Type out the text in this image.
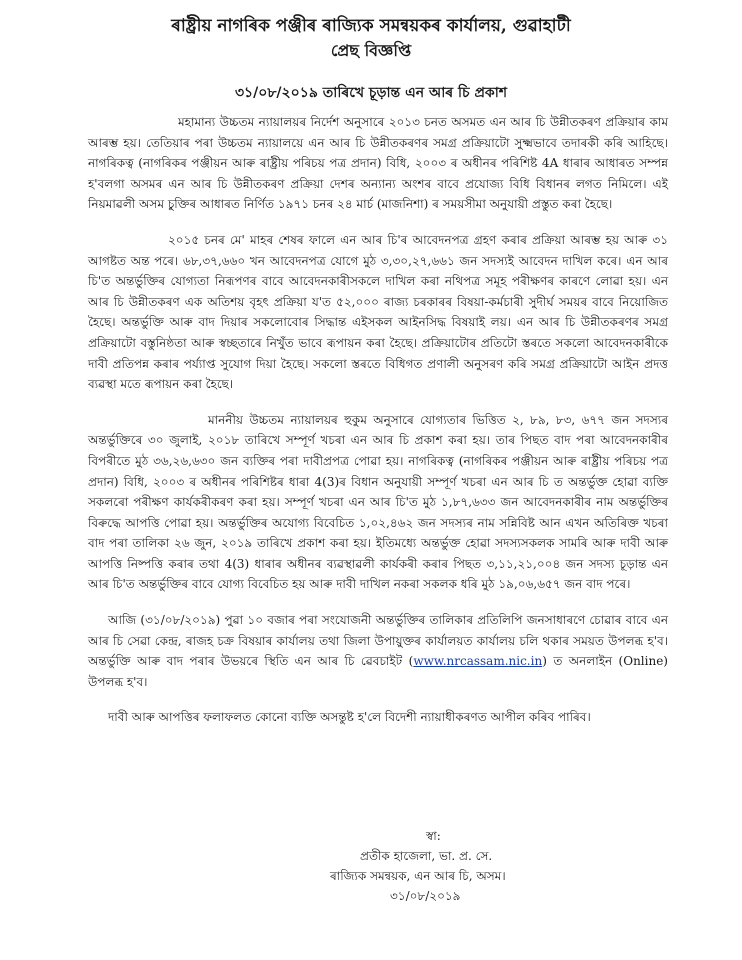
ৰাষ্ট্ৰীয় নাগৰিক পঞ্জীৰ ৰাজ্যিক সমন্বয়কৰ কাৰ্যালয়, গুৱাহাটী

প্ৰেছ বিজ্ঞপ্তি

৩১/০৮/২০১৯ তাৰিখে চূড়ান্ত এন আৰ চি প্ৰকাশ

মহামান্য উচ্চতম ন্যায়ালয়ৰ নিৰ্দেশ অনুসাৰে ২০১৩ চনত অসমত এন আৰ চি উন্নীতকৰণ প্ৰক্ৰিয়াৰ কাম আৰম্ভ হয়। তেতিয়াৰ পৰা উচ্চতম ন্যায়ালয়ে এন আৰ চি উন্নীতকৰণৰ সমগ্ৰ প্ৰক্ৰিয়াটো সুক্ষ্মভাবে তদাৰকী কৰি আহিছে। নাগৰিকত্ব (নাগৰিকৰ পঞ্জীয়ন আৰু ৰাষ্ট্ৰীয় পৰিচয় পত্ৰ প্ৰদান) বিধি, ২০০৩ ৰ অধীনৰ পৰিশিষ্ট 4A ধাৰাৰ আধাৰত সম্পন্ন হ'বলগা অসমৰ এন আৰ চি উন্নীতকৰণ প্ৰক্ৰিয়া দেশৰ অন্যান্য অংশৰ বাবে প্ৰযোজ্য বিধি বিধানৰ লগত নিমিলে। এই নিয়মাৱলী অসম চুক্তিৰ আধাৰত নিৰ্ণিত ১৯৭১ চনৰ ২৪ মাৰ্চ (মাজনিশা) ৰ সময়সীমা অনুযায়ী প্ৰস্তুত কৰা হৈছে।

২০১৫ চনৰ মে' মাহৰ শেষৰ ফালে এন আৰ চি'ৰ আবেদনপত্ৰ গ্ৰহণ কৰাৰ প্ৰক্ৰিয়া আৰম্ভ হয় আৰু ৩১ আগষ্টত অন্ত পৰে। ৬৮,৩৭,৬৬০ খন আবেদনপত্ৰ যোগে মুঠ ৩,৩০,২৭,৬৬১ জন সদস্যই আবেদন দাখিল কৰে। এন আৰ চি'ত অন্তৰ্ভুক্তিৰ যোগ্যতা নিৰূপণৰ বাবে আবেদনকাৰীসকলে দাখিল কৰা নথিপত্ৰ সমূহ পৰীক্ষণৰ কাৰণে লোৱা হয়। এন আৰ চি উন্নীতকৰণ এক অতিশয় বৃহৎ প্ৰক্ৰিয়া য'ত ৫২,০০০ ৰাজ্য চৰকাৰৰ বিষয়া-কৰ্মচাৰী সুদীৰ্ঘ সময়ৰ বাবে নিয়োজিত হৈছে। অন্তৰ্ভুক্তি আৰু বাদ দিয়াৰ সকলোবোৰ সিদ্ধান্ত এইসকল আইনসিদ্ধ বিষয়াই লয়। এন আৰ চি উন্নীতকৰণৰ সমগ্ৰ প্ৰক্ৰিয়াটো বস্তুনিষ্ঠতা আৰু স্বচ্ছতাৰে নিখুঁত ভাবে ৰূপায়ন কৰা হৈছে। প্ৰক্ৰিয়াটোৰ প্ৰতিটো স্তৰতে সকলো আবেদনকাৰীকে দাবী প্ৰতিপন্ন কৰাৰ পৰ্য্যাপ্ত সুযোগ দিয়া হৈছে। সকলো স্তৰতে বিধিগত প্ৰণালী অনুসৰণ কৰি সমগ্ৰ প্ৰক্ৰিয়াটো আইন প্ৰদত্ত ব্যৱস্থা মতে ৰূপায়ন কৰা হৈছে।

মাননীয় উচ্চতম ন্যায়ালয়ৰ হুকুম অনুসাৰে যোগ্যতাৰ ভিত্তিত ২, ৮৯, ৮৩, ৬৭৭ জন সদস্যৰ অন্তৰ্ভুক্তিৰে ৩০ জুলাই, ২০১৮ তাৰিখে সম্পূৰ্ণ খচৰা এন আৰ চি প্ৰকাশ কৰা হয়। তাৰ পিছত বাদ পৰা আবেদনকাৰীৰ বিপৰীতে মুঠ ৩৬,২৬,৬৩০ জন ব্যক্তিৰ পৰা দাবীপ্ৰপত্ৰ পোৱা হয়। নাগৰিকত্ব (নাগৰিকৰ পঞ্জীয়ন আৰু ৰাষ্ট্ৰীয় পৰিচয় পত্ৰ প্ৰদান) বিধি, ২০০৩ ৰ অধীনৰ পৰিশিষ্টৰ ধাৰা 4(3)ৰ বিধান অনুযায়ী সম্পূৰ্ণ খচৰা এন আৰ চি ত অন্তৰ্ভুক্ত হোৱা ব্যক্তি সকলৰো পৰীক্ষণ কাৰ্যকৰীকৰণ কৰা হয়। সম্পূৰ্ণ খচৰা এন আৰ চি'ত মুঠ ১,৮৭,৬৩৩ জন আবেদনকাৰীৰ নাম অন্তৰ্ভুক্তিৰ বিৰুদ্ধে আপত্তি পোৱা হয়। অন্তৰ্ভুক্তিৰ অযোগ্য বিবেচিত ১,০২,৪৬২ জন সদস্যৰ নাম সন্নিবিষ্ট আন এখন অতিৰিক্ত খচৰা বাদ পৰা তালিকা ২৬ জুন, ২০১৯ তাৰিখে প্ৰকাশ কৰা হয়। ইতিমধ্যে অন্তৰ্ভুক্ত হোৱা সদস্যসকলক সামৰি আৰু দাবী আৰু আপত্তি নিষ্পত্তি কৰাৰ তথা 4(3) ধাৰাৰ অধীনৰ ব্যৱস্থাৱলী কাৰ্যকৰী কৰাৰ পিছত ৩,১১,২১,০০৪ জন সদস্য চূড়ান্ত এন আৰ চি'ত অন্তৰ্ভুক্তিৰ বাবে যোগ্য বিবেচিত হয় আৰু দাবী দাখিল নকৰা সকলক ধৰি মুঠ ১৯,০৬,৬৫৭ জন বাদ পৰে।

আজি (৩১/০৮/২০১৯) পুৱা ১০ বজাৰ পৰা সংযোজনী অন্তৰ্ভুক্তিৰ তালিকাৰ প্ৰতিলিপি জনসাধাৰণে চোৱাৰ বাবে এন আৰ চি সেৱা কেন্দ্ৰ, ৰাজহ চক্ৰ বিষয়াৰ কাৰ্যালয় তথা জিলা উপায়ুক্তৰ কাৰ্যালয়ত কাৰ্যালয় চলি থকাৰ সময়ত উপলব্ধ হ'ব। অন্তৰ্ভুক্তি আৰু বাদ পৰাৰ উভয়ৰে স্থিতি এন আৰ চি ৱেবচাইট (www.nrcassam.nic.in) ত অনলাইন (Online) উপলব্ধ হ'ব।

দাবী আৰু আপত্তিৰ ফলাফলত কোনো ব্যক্তি অসন্তুষ্ট হ'লে বিদেশী ন্যায়াধীকৰণত আপীল কৰিব পাৰিব।

স্বা:
প্ৰতীক হাজেলা, ভা. প্ৰ. সে.
ৰাজ্যিক সমন্বয়ক, এন আৰ চি, অসম।
৩১/০৮/২০১৯
